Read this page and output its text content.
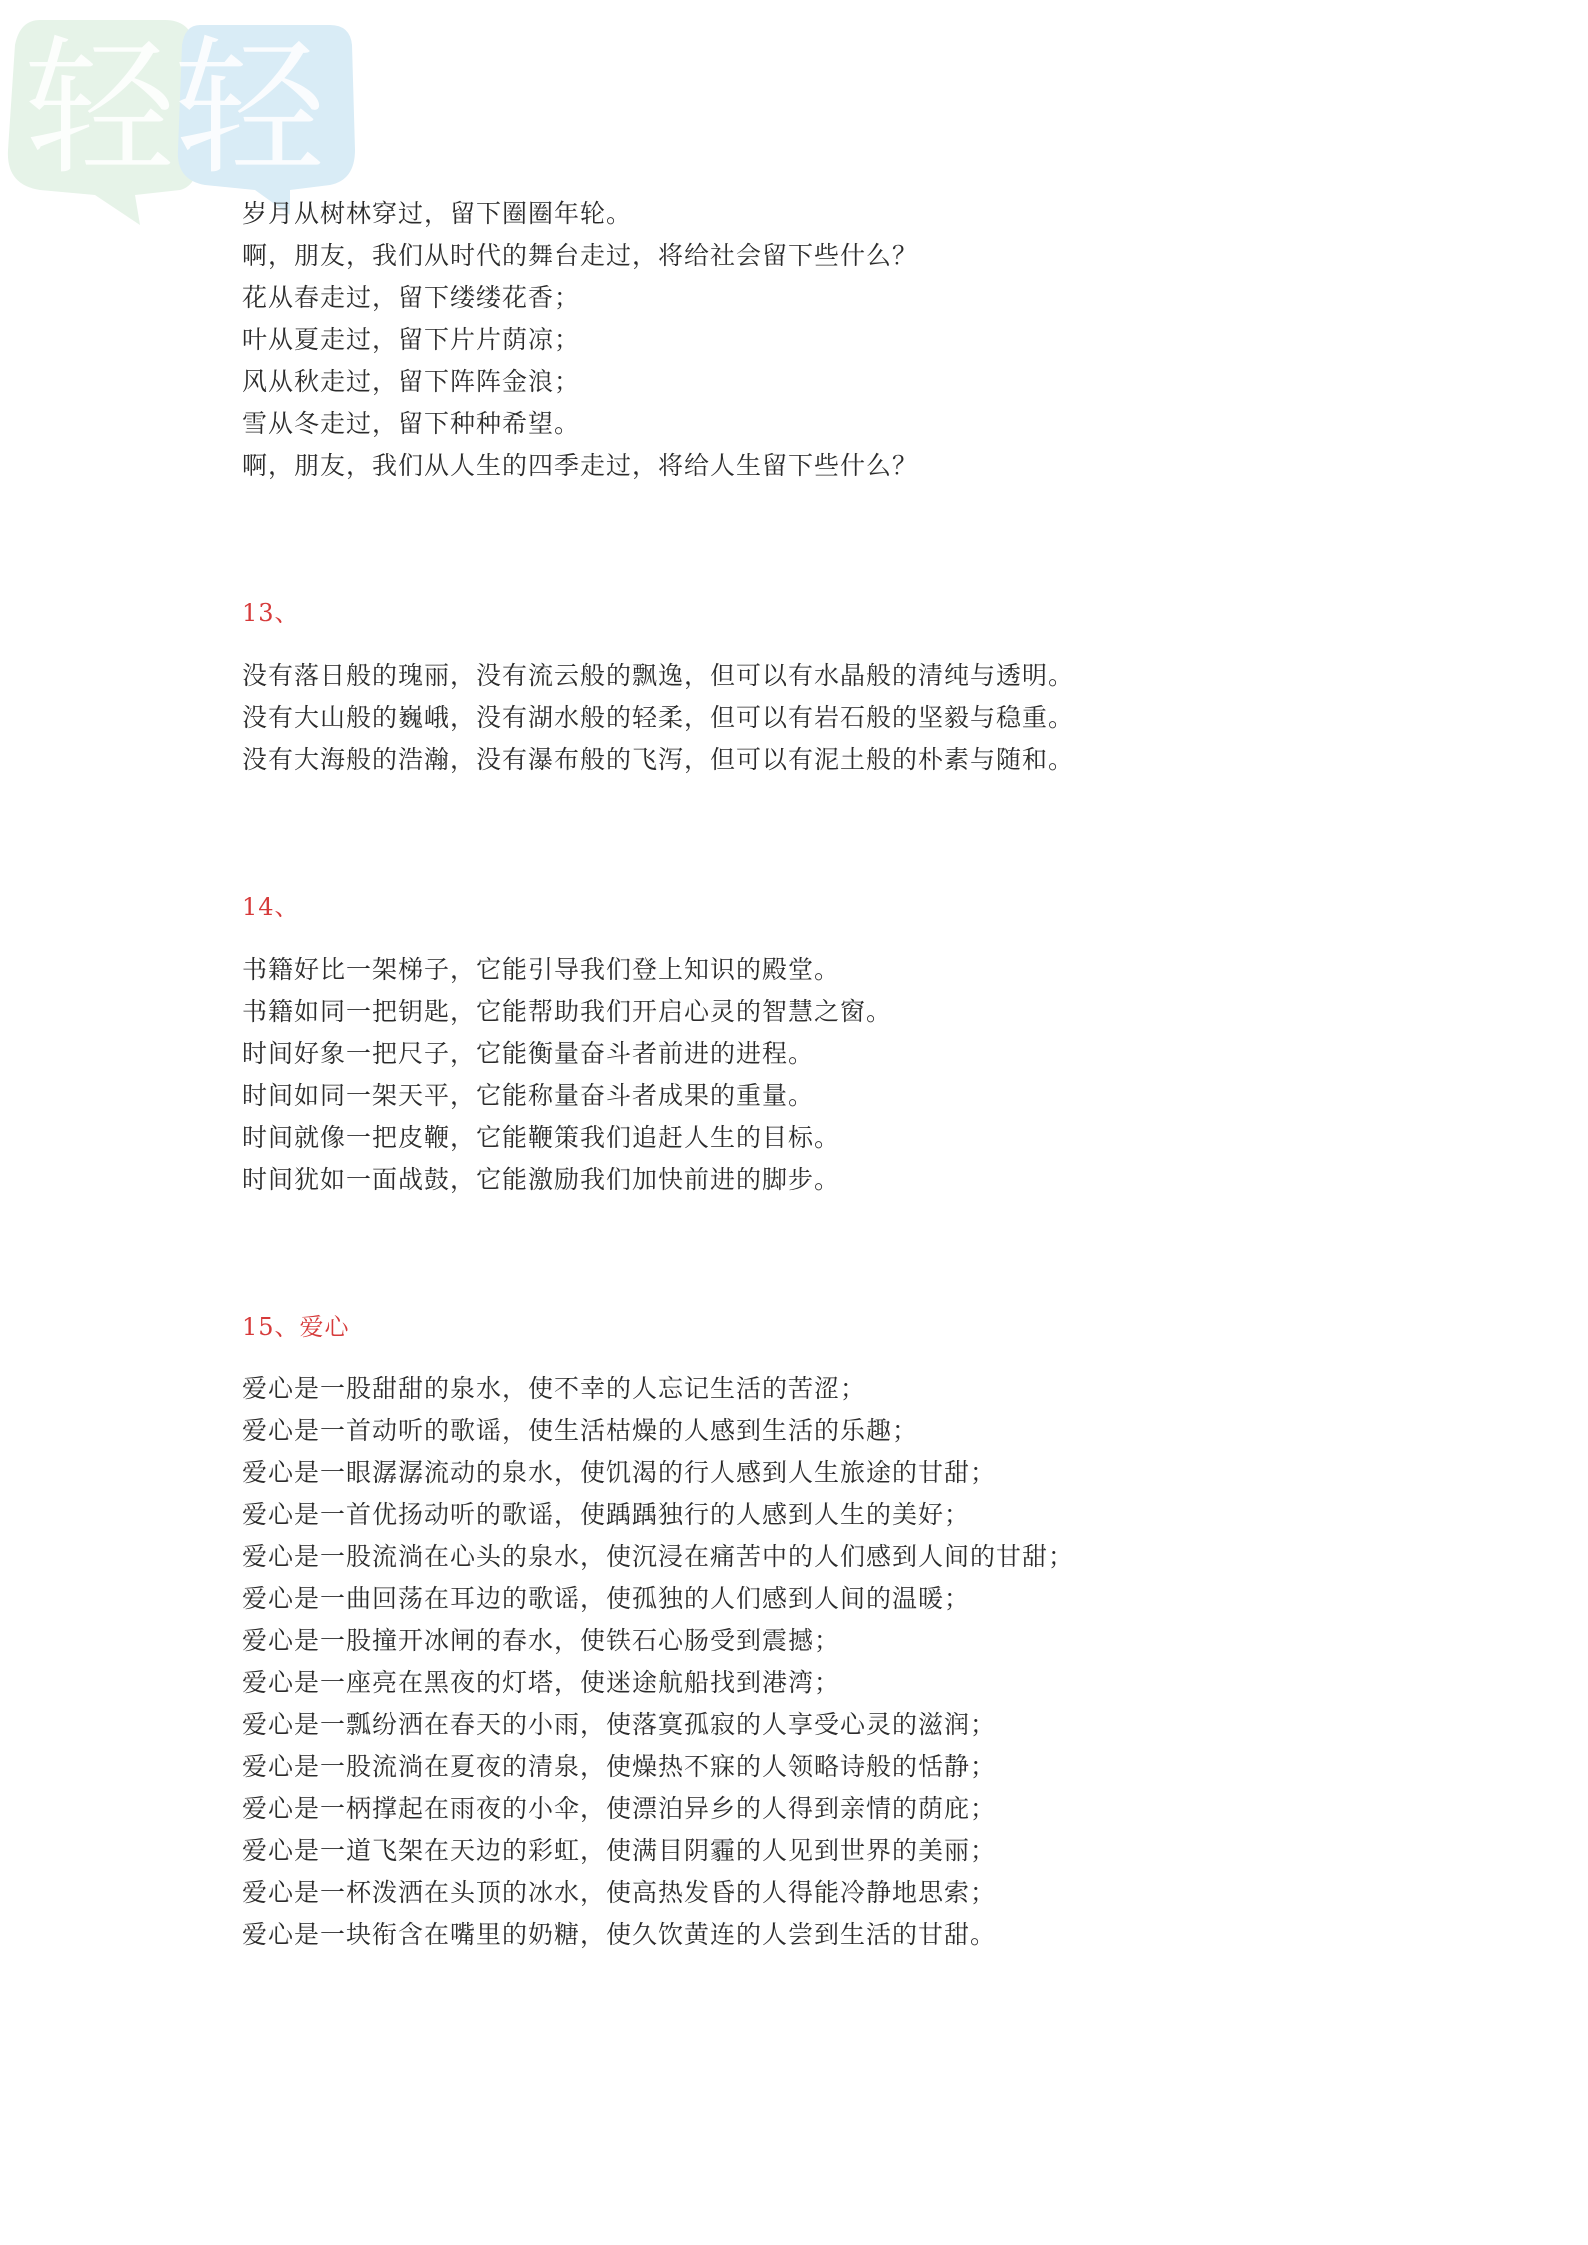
轻轻
岁月从树林穿过，留下圈圈年轮。
啊，朋友，我们从时代的舞台走过，将给社会留下些什么？
花从春走过，留下缕缕花香；
叶从夏走过，留下片片荫凉；
风从秋走过，留下阵阵金浪；
雪从冬走过，留下种种希望。
啊，朋友，我们从人生的四季走过，将给人生留下些什么？
13、
没有落日般的瑰丽，没有流云般的飘逸，但可以有水晶般的清纯与透明。
没有大山般的巍峨，没有湖水般的轻柔，但可以有岩石般的坚毅与稳重。
没有大海般的浩瀚，没有瀑布般的飞泻，但可以有泥土般的朴素与随和。
14、
书籍好比一架梯子，它能引导我们登上知识的殿堂。
书籍如同一把钥匙，它能帮助我们开启心灵的智慧之窗。
时间好象一把尺子，它能衡量奋斗者前进的进程。
时间如同一架天平，它能称量奋斗者成果的重量。
时间就像一把皮鞭，它能鞭策我们追赶人生的目标。
时间犹如一面战鼓，它能激励我们加快前进的脚步。
15、爱心
爱心是一股甜甜的泉水，使不幸的人忘记生活的苦涩；
爱心是一首动听的歌谣，使生活枯燥的人感到生活的乐趣；
爱心是一眼潺潺流动的泉水，使饥渴的行人感到人生旅途的甘甜；
爱心是一首优扬动听的歌谣，使踽踽独行的人感到人生的美好；
爱心是一股流淌在心头的泉水，使沉浸在痛苦中的人们感到人间的甘甜；
爱心是一曲回荡在耳边的歌谣，使孤独的人们感到人间的温暖；
爱心是一股撞开冰闸的春水，使铁石心肠受到震撼；
爱心是一座亮在黑夜的灯塔，使迷途航船找到港湾；
爱心是一瓢纷洒在春天的小雨，使落寞孤寂的人享受心灵的滋润；
爱心是一股流淌在夏夜的清泉，使燥热不寐的人领略诗般的恬静；
爱心是一柄撑起在雨夜的小伞，使漂泊异乡的人得到亲情的荫庇；
爱心是一道飞架在天边的彩虹，使满目阴霾的人见到世界的美丽；
爱心是一杯泼洒在头顶的冰水，使高热发昏的人得能冷静地思索；
爱心是一块衔含在嘴里的奶糖，使久饮黄连的人尝到生活的甘甜。
